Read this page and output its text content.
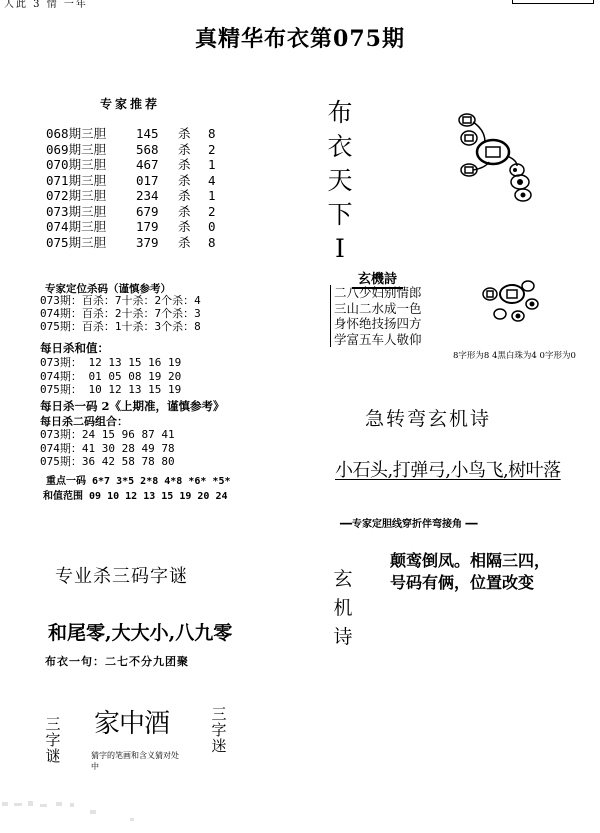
人此 3 情 一年
真精华布衣第075期
专家推荐
068期三胆 145 杀 8
069期三胆 568 杀 2
070期三胆 467 杀 1
071期三胆 017 杀 4
072期三胆 234 杀 1
073期三胆 679 杀 2
074期三胆 179 杀 0
075期三胆 379 杀 8
专家定位杀码（谨慎参考）
073期：百杀：7十杀：2个杀：4
074期：百杀：2十杀：7个杀：3
075期：百杀：1十杀：3个杀：8
每日杀和值：
073期： 12 13 15 16 19
074期： 01 05 08 19 20
075期： 10 12 13 15 19
每日杀一码 2《上期准，谨慎参考》
每日杀二码组合：
073期：24 15 96 87 41
074期：41 30 28 49 78
075期：36 42 58 78 80
重点一码 6*7 3*5 2*8 4*8 *6* *5*
和值范围 09 10 12 13 15 19 20 24
专业杀三码字谜
和尾零,大大小,八九零
布衣一句：二七不分九团聚
三
字
谜
三
字
迷
家中酒
猜字的笔画和含义猜对处中
布
衣
天
下
I
玄機詩
二八少妇别情郎
三山二水成一色
身怀绝技扬四方
学富五车人敬仰
8字形为8 4黑白珠为4 0字形为0
急转弯玄机诗
小石头,打弹弓,小鸟飞,树叶落
━━专家定胆线穿折伴弯接角 ━━
玄
机
诗
颠鸾倒凤。相隔三四，
号码有俩，位置改变
